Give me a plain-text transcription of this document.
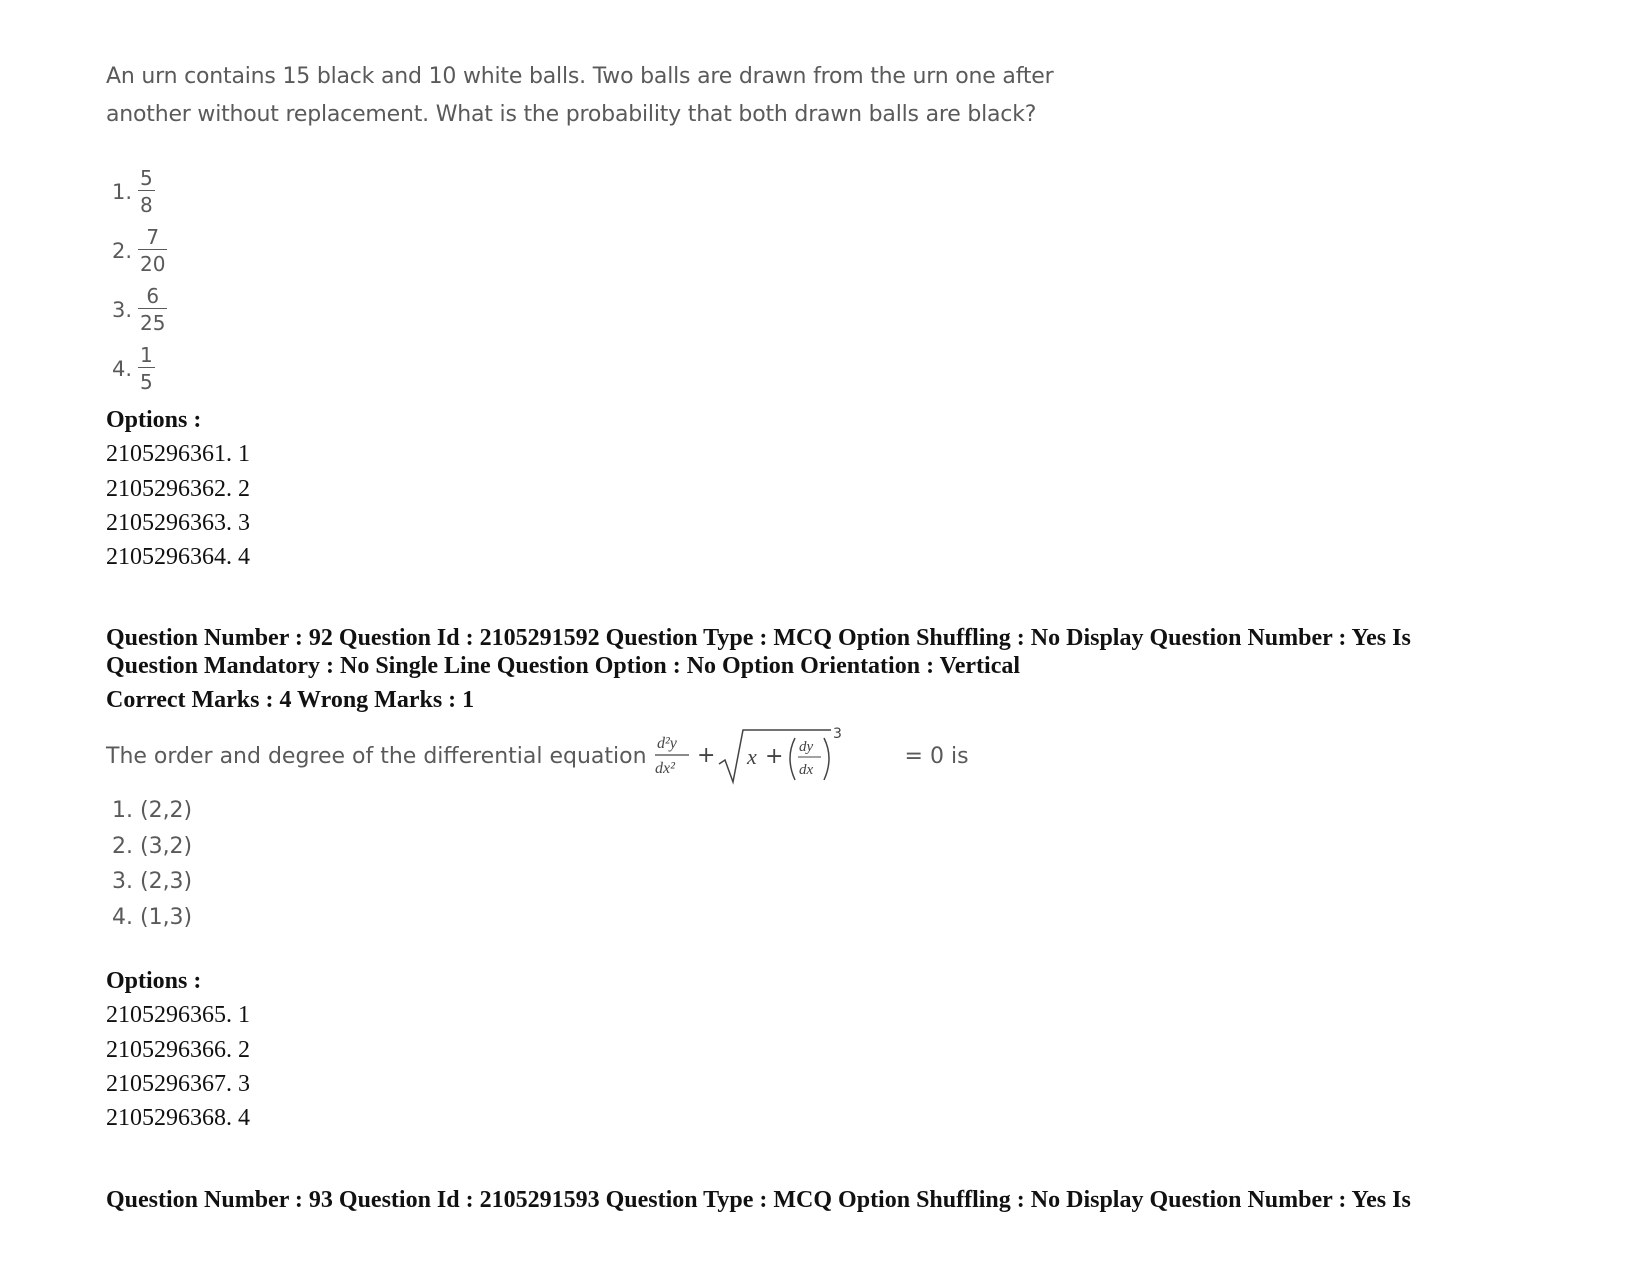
An urn contains 15 black and 10 white balls. Two balls are drawn from the urn one after
another without replacement. What is the probability that both drawn balls are black?
1. $\frac{5}{8}$
2. $\frac{7}{20}$
3. $\frac{6}{25}$
4. $\frac{1}{5}$
Options :
2105296361. 1
2105296362. 2
2105296363. 3
2105296364. 4
Question Number : 92 Question Id : 2105291592 Question Type : MCQ Option Shuffling : No Display Question Number : Yes Is
Question Mandatory : No Single Line Question Option : No Option Orientation : Vertical
Correct Marks : 4 Wrong Marks : 1
The order and degree of the differential equation d²y
dx²
+ x + dy
dx
3
= 0 is
1. (2,2)
2. (3,2)
3. (2,3)
4. (1,3)
Options :
2105296365. 1
2105296366. 2
2105296367. 3
2105296368. 4
Question Number : 93 Question Id : 2105291593 Question Type : MCQ Option Shuffling : No Display Question Number : Yes Is
